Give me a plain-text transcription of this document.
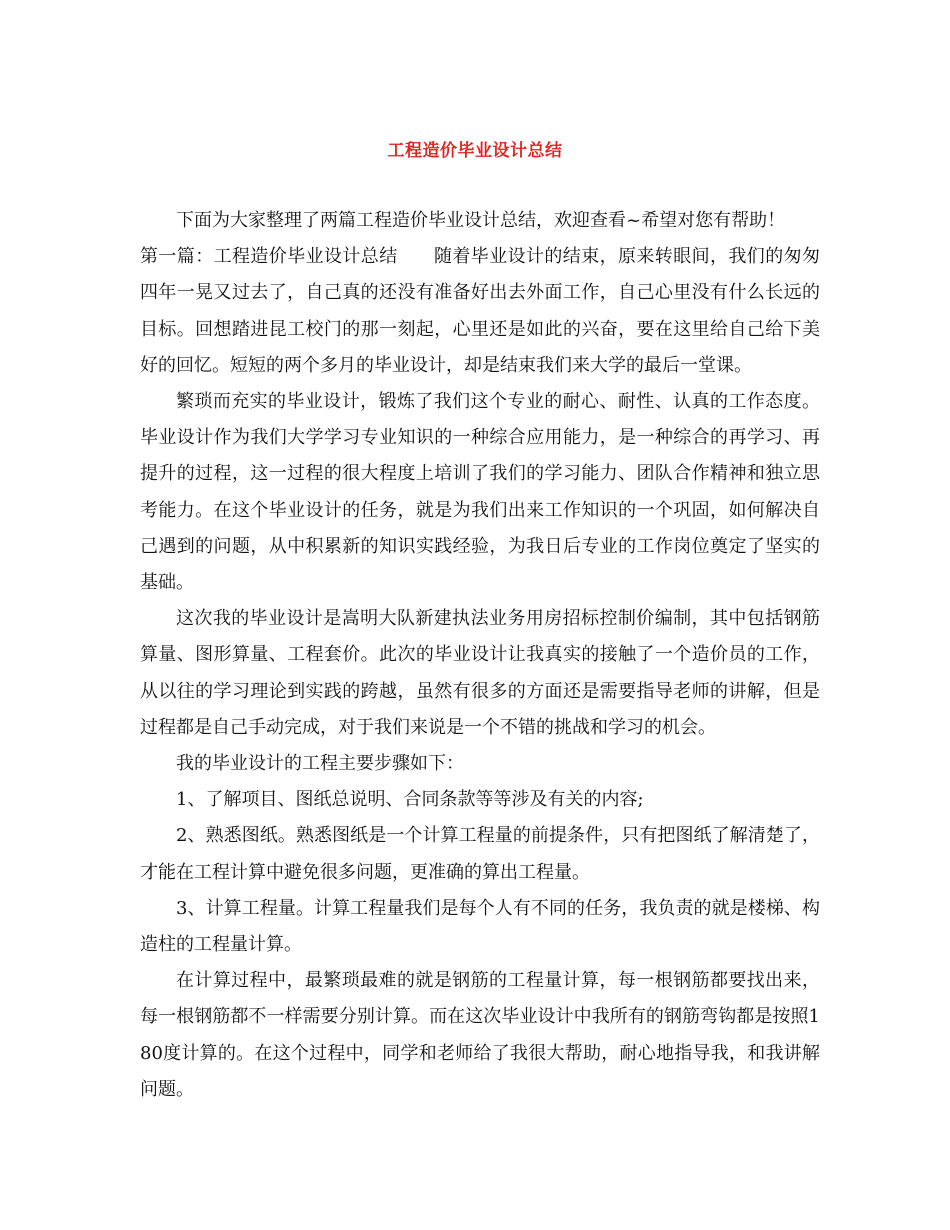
工程造价毕业设计总结

下面为大家整理了两篇工程造价毕业设计总结，欢迎查看~希望对您有帮助！

第一篇：工程造价毕业设计总结 随着毕业设计的结束，原来转眼间，我们的匆匆四年一晃又过去了，自己真的还没有准备好出去外面工作，自己心里没有什么长远的目标。回想踏进昆工校门的那一刻起，心里还是如此的兴奋，要在这里给自己给下美好的回忆。短短的两个多月的毕业设计，却是结束我们来大学的最后一堂课。

繁琐而充实的毕业设计，锻炼了我们这个专业的耐心、耐性、认真的工作态度。毕业设计作为我们大学学习专业知识的一种综合应用能力，是一种综合的再学习、再提升的过程，这一过程的很大程度上培训了我们的学习能力、团队合作精神和独立思考能力。在这个毕业设计的任务，就是为我们出来工作知识的一个巩固，如何解决自己遇到的问题，从中积累新的知识实践经验，为我日后专业的工作岗位奠定了坚实的基础。

这次我的毕业设计是嵩明大队新建执法业务用房招标控制价编制，其中包括钢筋算量、图形算量、工程套价。此次的毕业设计让我真实的接触了一个造价员的工作，从以往的学习理论到实践的跨越，虽然有很多的方面还是需要指导老师的讲解，但是过程都是自己手动完成，对于我们来说是一个不错的挑战和学习的机会。

我的毕业设计的工程主要步骤如下：

1、了解项目、图纸总说明、合同条款等等涉及有关的内容;

2、熟悉图纸。熟悉图纸是一个计算工程量的前提条件，只有把图纸了解清楚了，才能在工程计算中避免很多问题，更准确的算出工程量。

3、计算工程量。计算工程量我们是每个人有不同的任务，我负责的就是楼梯、构造柱的工程量计算。

在计算过程中，最繁琐最难的就是钢筋的工程量计算，每一根钢筋都要找出来，每一根钢筋都不一样需要分别计算。而在这次毕业设计中我所有的钢筋弯钩都是按照180度计算的。在这个过程中，同学和老师给了我很大帮助，耐心地指导我，和我讲解问题。
